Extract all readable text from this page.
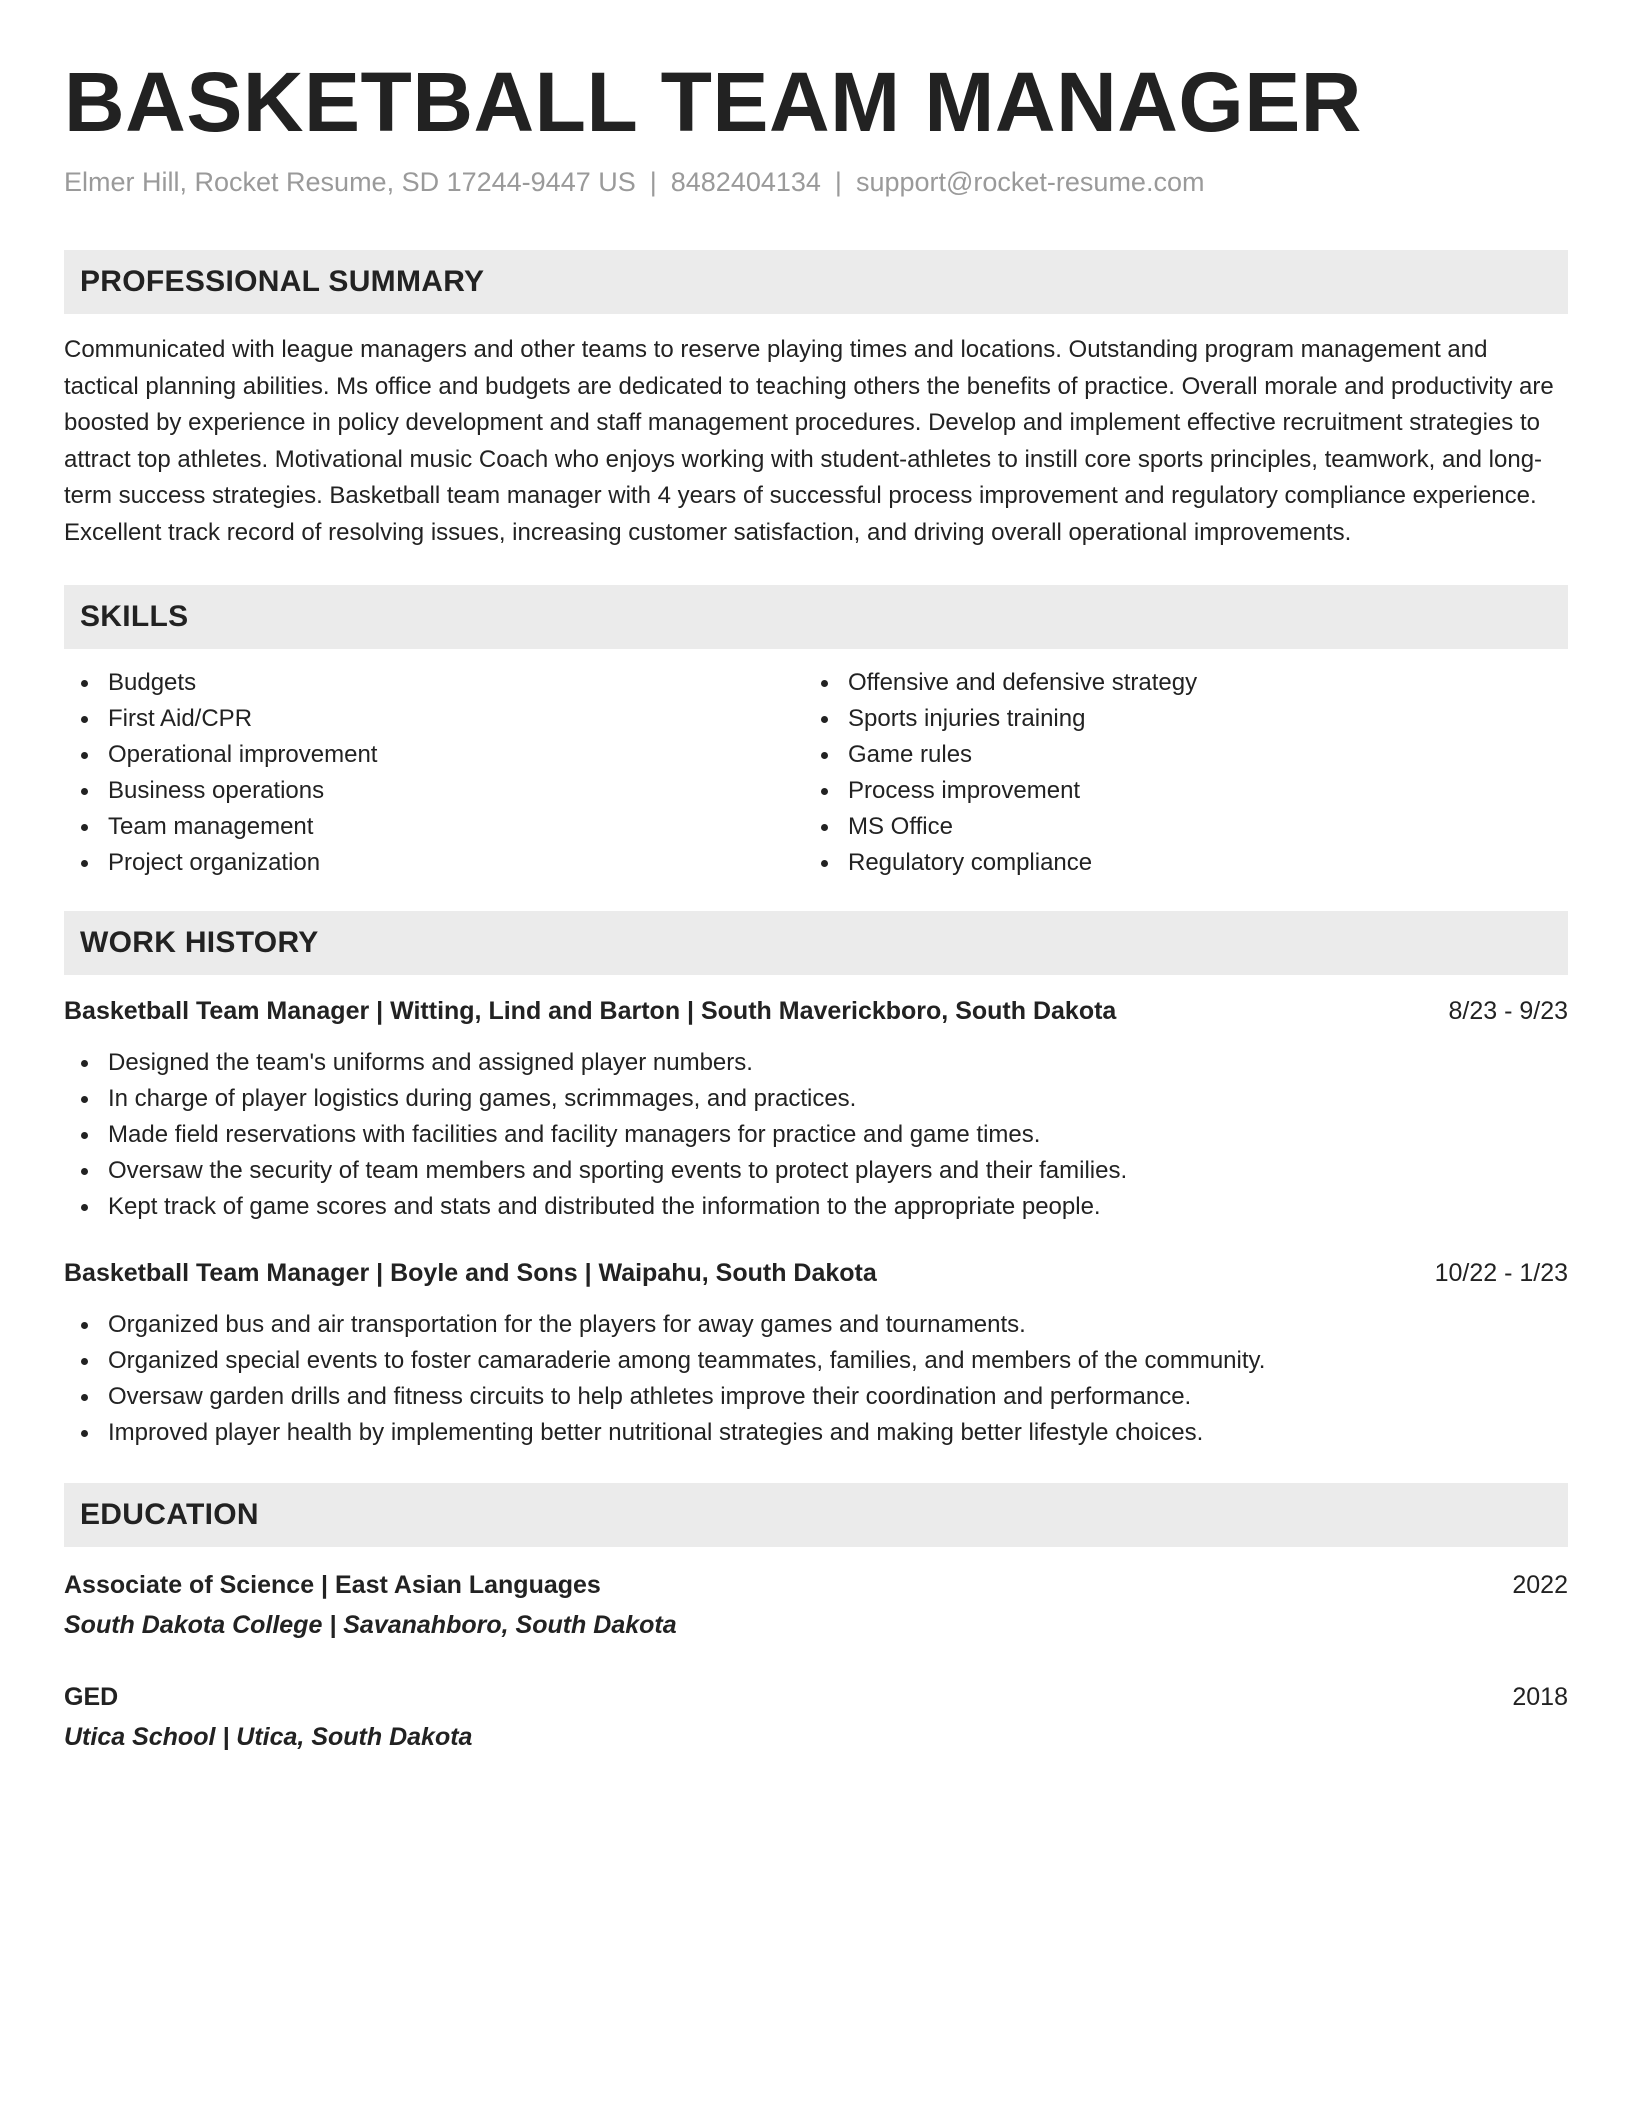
BASKETBALL TEAM MANAGER
Elmer Hill, Rocket Resume, SD 17244-9447 US | 8482404134 | support@rocket-resume.com
PROFESSIONAL SUMMARY

Communicated with league managers and other teams to reserve playing times and locations. Outstanding program management and tactical planning abilities. Ms office and budgets are dedicated to teaching others the benefits of practice. Overall morale and productivity are boosted by experience in policy development and staff management procedures. Develop and implement effective recruitment strategies to attract top athletes. Motivational music Coach who enjoys working with student-athletes to instill core sports principles, teamwork, and long-term success strategies. Basketball team manager with 4 years of successful process improvement and regulatory compliance experience. Excellent track record of resolving issues, increasing customer satisfaction, and driving overall operational improvements.

SKILLS
Budgets
First Aid/CPR
Operational improvement
Business operations
Team management
Project organization
Offensive and defensive strategy
Sports injuries training
Game rules
Process improvement
MS Office
Regulatory compliance
WORK HISTORY
Basketball Team Manager | Witting, Lind and Barton | South Maverickboro, South Dakota	8/23 - 9/23
Designed the team's uniforms and assigned player numbers.
In charge of player logistics during games, scrimmages, and practices.
Made field reservations with facilities and facility managers for practice and game times.
Oversaw the security of team members and sporting events to protect players and their families.
Kept track of game scores and stats and distributed the information to the appropriate people.
Basketball Team Manager | Boyle and Sons | Waipahu, South Dakota	10/22 - 1/23
Organized bus and air transportation for the players for away games and tournaments.
Organized special events to foster camaraderie among teammates, families, and members of the community.
Oversaw garden drills and fitness circuits to help athletes improve their coordination and performance.
Improved player health by implementing better nutritional strategies and making better lifestyle choices.
EDUCATION
Associate of Science | East Asian Languages	2022
South Dakota College | Savanahboro, South Dakota
GED	2018
Utica School | Utica, South Dakota
